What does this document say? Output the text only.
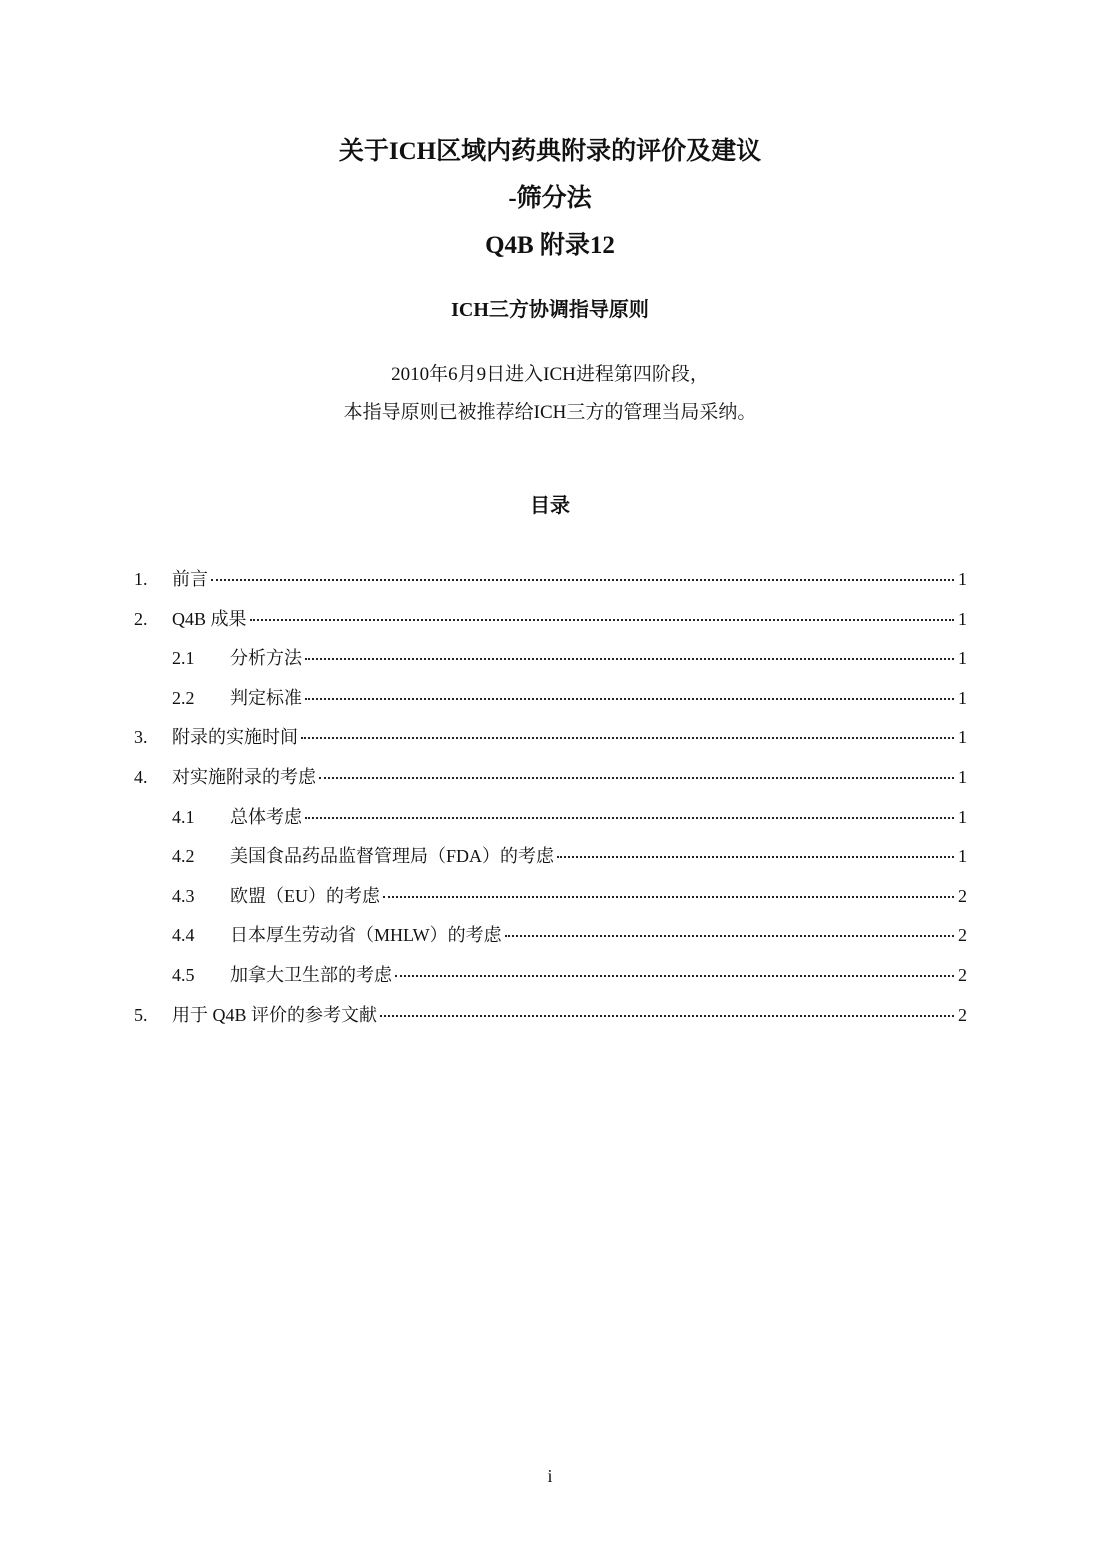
关于ICH区域内药典附录的评价及建议
-筛分法
Q4B 附录12
ICH三方协调指导原则
2010年6月9日进入ICH进程第四阶段，
本指导原则已被推荐给ICH三方的管理当局采纳。
目录
1.	前言	1
2.	Q4B 成果	1
2.1	分析方法	1
2.2	判定标准	1
3.	附录的实施时间	1
4.	对实施附录的考虑	1
4.1	总体考虑	1
4.2	美国食品药品监督管理局（FDA）的考虑	1
4.3	欧盟（EU）的考虑	2
4.4	日本厚生劳动省（MHLW）的考虑	2
4.5	加拿大卫生部的考虑	2
5.	用于 Q4B 评价的参考文献	2
i
